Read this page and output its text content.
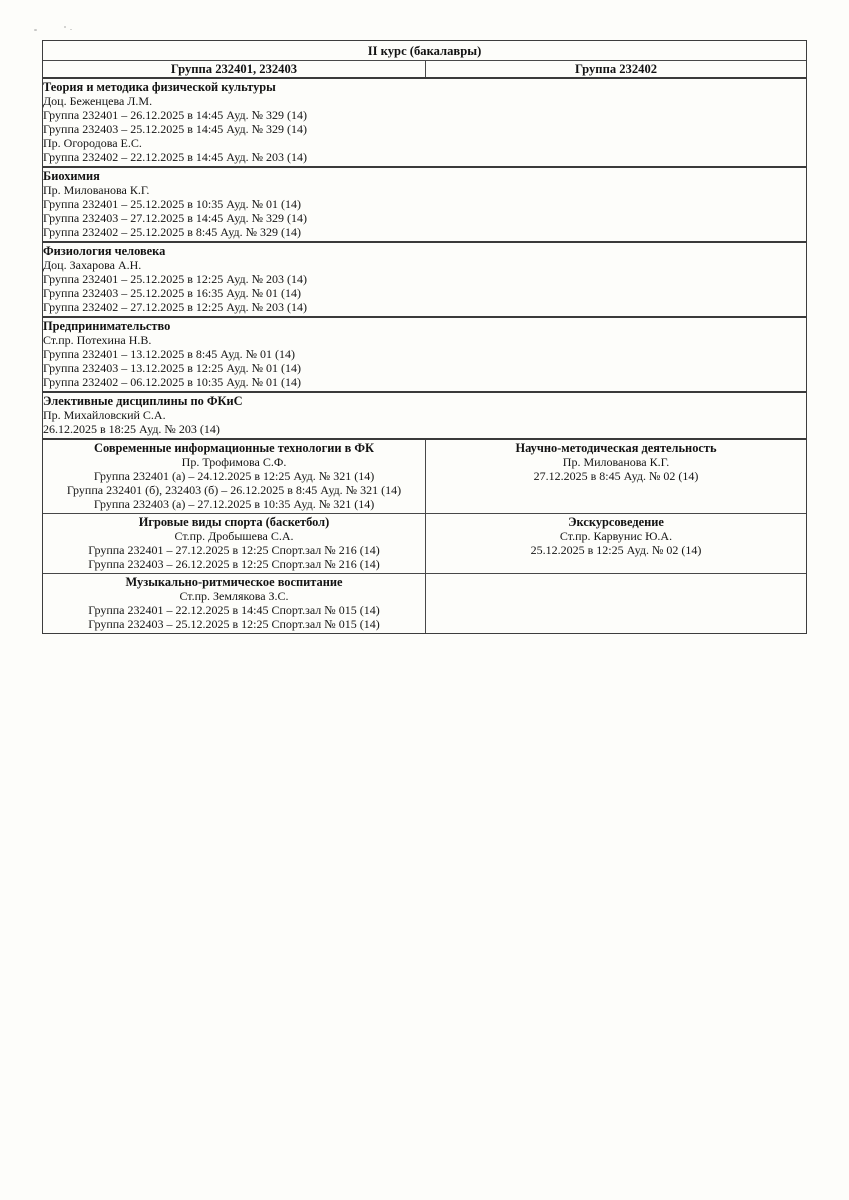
II курс (бакалавры)
Группа 232401, 232403	Группа 232402
Теория и методика физической культуры
Доц. Беженцева Л.М.
Группа 232401 – 26.12.2025 в 14:45 Ауд. № 329 (14)
Группа 232403 – 25.12.2025 в 14:45 Ауд. № 329 (14)
Пр. Огородова Е.С.
Группа 232402 – 22.12.2025 в 14:45 Ауд. № 203 (14)
Биохимия
Пр. Милованова К.Г.
Группа 232401 – 25.12.2025 в 10:35 Ауд. № 01 (14)
Группа 232403 – 27.12.2025 в 14:45 Ауд. № 329 (14)
Группа 232402 – 25.12.2025 в 8:45 Ауд. № 329 (14)
Физиология человека
Доц. Захарова А.Н.
Группа 232401 – 25.12.2025 в 12:25 Ауд. № 203 (14)
Группа 232403 – 25.12.2025 в 16:35 Ауд. № 01 (14)
Группа 232402 – 27.12.2025 в 12:25 Ауд. № 203 (14)
Предпринимательство
Ст.пр. Потехина Н.В.
Группа 232401 – 13.12.2025 в 8:45 Ауд. № 01 (14)
Группа 232403 – 13.12.2025 в 12:25 Ауд. № 01 (14)
Группа 232402 – 06.12.2025 в 10:35 Ауд. № 01 (14)
Элективные дисциплины по ФКиС
Пр. Михайловский С.А.
26.12.2025 в 18:25 Ауд. № 203 (14)
Современные информационные технологии в ФК
Пр. Трофимова С.Ф.
Группа 232401 (а) – 24.12.2025 в 12:25 Ауд. № 321 (14)
Группа 232401 (б), 232403 (б) – 26.12.2025 в 8:45 Ауд. № 321 (14)
Группа 232403 (а) – 27.12.2025 в 10:35 Ауд. № 321 (14)
Научно-методическая деятельность
Пр. Милованова К.Г.
27.12.2025 в 8:45 Ауд. № 02 (14)
Игровые виды спорта (баскетбол)
Ст.пр. Дробышева С.А.
Группа 232401 – 27.12.2025 в 12:25 Спорт.зал № 216 (14)
Группа 232403 – 26.12.2025 в 12:25 Спорт.зал № 216 (14)
Экскурсоведение
Ст.пр. Карвунис Ю.А.
25.12.2025 в 12:25 Ауд. № 02 (14)
Музыкально-ритмическое воспитание
Ст.пр. Землякова З.С.
Группа 232401 – 22.12.2025 в 14:45 Спорт.зал № 015 (14)
Группа 232403 – 25.12.2025 в 12:25 Спорт.зал № 015 (14)
